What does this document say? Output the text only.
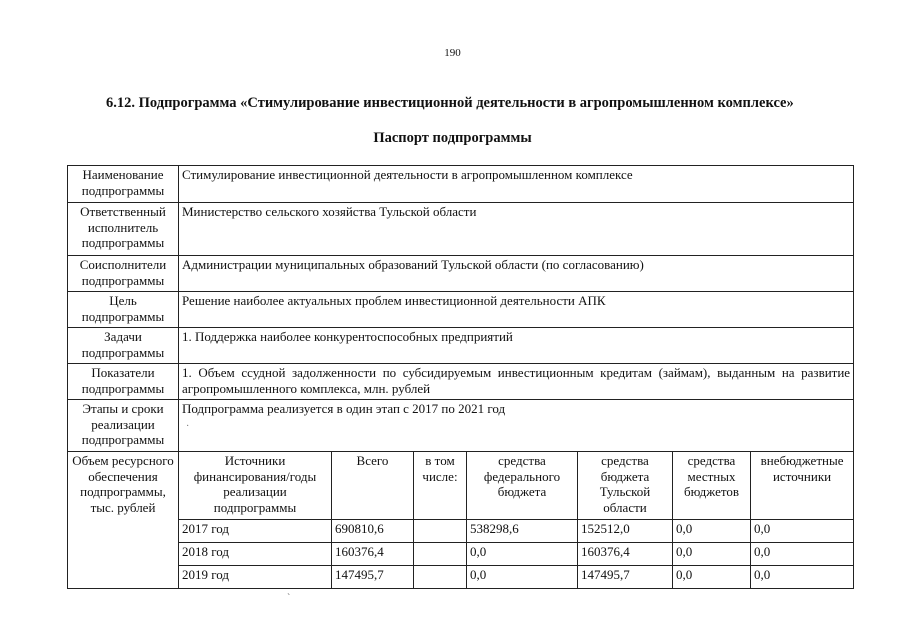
190
6.12. Подпрограмма «Стимулирование инвестиционной деятельности в агропромышленном комплексе»
Паспорт подпрограммы
Наименование подпрограммы	Стимулирование инвестиционной деятельности в агропромышленном комплексе						
Ответственный исполнитель подпрограммы	Министерство сельского хозяйства Тульской области						
Соисполнители подпрограммы	Администрации муниципальных образований Тульской области (по согласованию)						
Цель подпрограммы	Решение наиболее актуальных проблем инвестиционной деятельности АПК						
Задачи подпрограммы	1. Поддержка наиболее конкурентоспособных предприятий						
Показатели подпрограммы	1. Объем ссудной задолженности по субсидируемым инвестиционным кредитам (займам), выданным на развитие агропромышленного комплекса, млн. рублей						
Этапы и сроки реализации подпрограммы	Подпрограмма реализуется в один этап с 2017 по 2021 год						
Объем ресурсного обеспечения подпрограммы, тыс. рублей	Источники финансирования/годы реализации подпрограммы	Всего	в том числе:	средства федерального бюджета	средства бюджета Тульской области	средства местных бюджетов	внебюджетные источники
	2017 год	690810,6		538298,6	152512,0	0,0	0,0
	2018 год	160376,4		0,0	160376,4	0,0	0,0
	2019 год	147495,7		0,0	147495,7	0,0	0,0
·
ˋ
